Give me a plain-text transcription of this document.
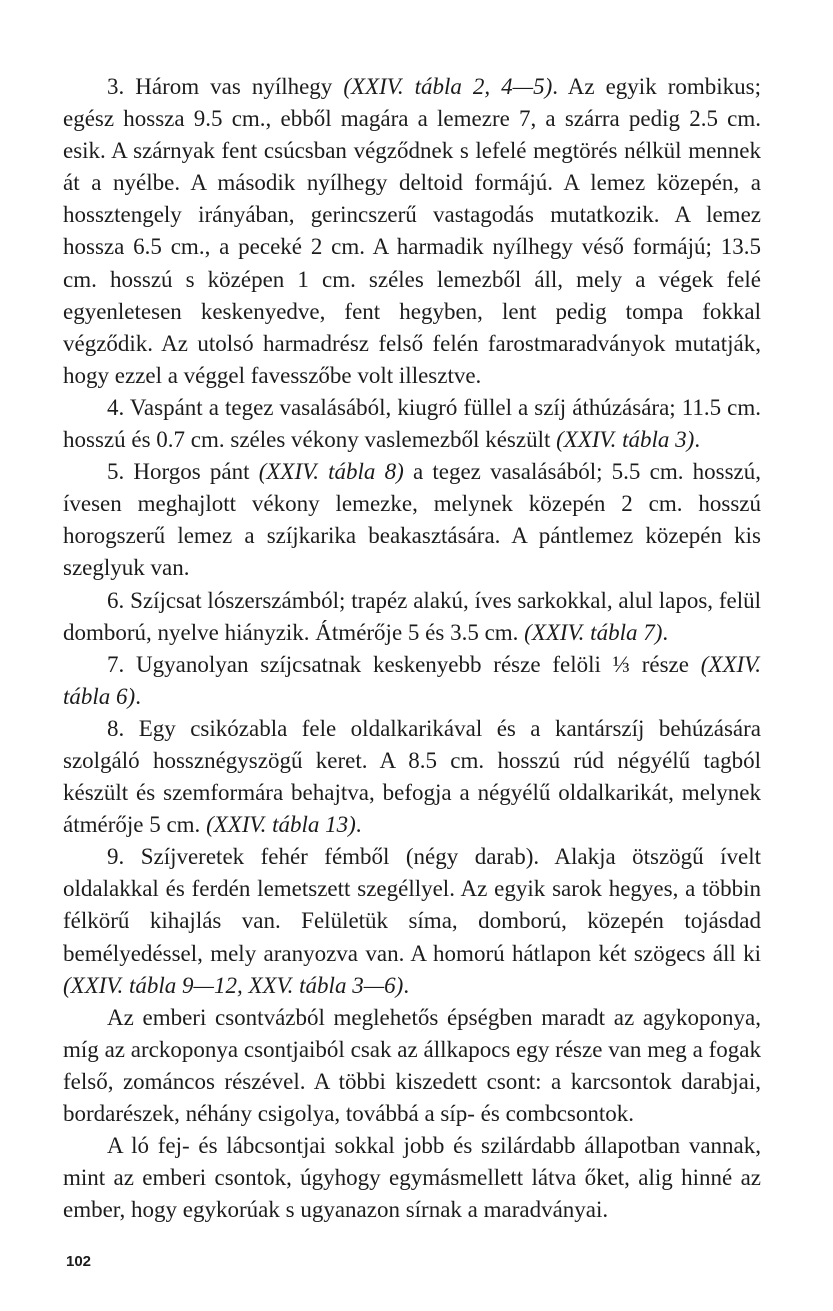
3. Három vas nyílhegy (XXIV. tábla 2, 4—5). Az egyik rombikus; egész hossza 9.5 cm., ebből magára a lemezre 7, a szárra pedig 2.5 cm. esik. A szárnyak fent csúcsban végződnek s lefelé megtörés nélkül mennek át a nyélbe. A második nyílhegy deltoid formájú. A lemez közepén, a hossztengely irányában, gerincszerű vastagodás mutatkozik. A lemez hossza 6.5 cm., a peceké 2 cm. A harmadik nyílhegy véső formájú; 13.5 cm. hosszú s középen 1 cm. széles lemezből áll, mely a végek felé egyenletesen keskenyedve, fent hegyben, lent pedig tompa fokkal végződik. Az utolsó harmadrész felső felén farostmaradványok mutatják, hogy ezzel a véggel favesszőbe volt illesztve.

4. Vaspánt a tegez vasalásából, kiugró füllel a szíj áthúzására; 11.5 cm. hosszú és 0.7 cm. széles vékony vaslemezből készült (XXIV. tábla 3).

5. Horgos pánt (XXIV. tábla 8) a tegez vasalásából; 5.5 cm. hosszú, ívesen meghajlott vékony lemezke, melynek közepén 2 cm. hosszú horogszerű lemez a szíjkarika beakasztására. A pántlemez közepén kis szeglyuk van.

6. Szíjcsat lószerszámból; trapéz alakú, íves sarkokkal, alul lapos, felül domború, nyelve hiányzik. Átmérője 5 és 3.5 cm. (XXIV. tábla 7).

7. Ugyanolyan szíjcsatnak keskenyebb része felöli ⅓ része (XXIV. tábla 6).

8. Egy csikózabla fele oldalkarikával és a kantárszíj behúzására szolgáló hossznégyszögű keret. A 8.5 cm. hosszú rúd négyélű tagból készült és szemformára behajtva, befogja a négyélű oldalkarikát, melynek átmérője 5 cm. (XXIV. tábla 13).

9. Szíjveretek fehér fémből (négy darab). Alakja ötszögű ívelt oldalakkal és ferdén lemetszett szegéllyel. Az egyik sarok hegyes, a többin félkörű kihajlás van. Felületük síma, domború, közepén tojásdad bemélyedéssel, mely aranyozva van. A homorú hátlapon két szögecs áll ki (XXIV. tábla 9—12, XXV. tábla 3—6).

Az emberi csontvázból meglehetős épségben maradt az agykoponya, míg az arckoponya csontjaiból csak az állkapocs egy része van meg a fogak felső, zománcos részével. A többi kiszedett csont: a karcsontok darabjai, bordarészek, néhány csigolya, továbbá a síp- és combcsontok.

A ló fej- és lábcsontjai sokkal jobb és szilárdabb állapotban vannak, mint az emberi csontok, úgyhogy egymásmellett látva őket, alig hinné az ember, hogy egykorúak s ugyanazon sírnak a maradványai.

102
